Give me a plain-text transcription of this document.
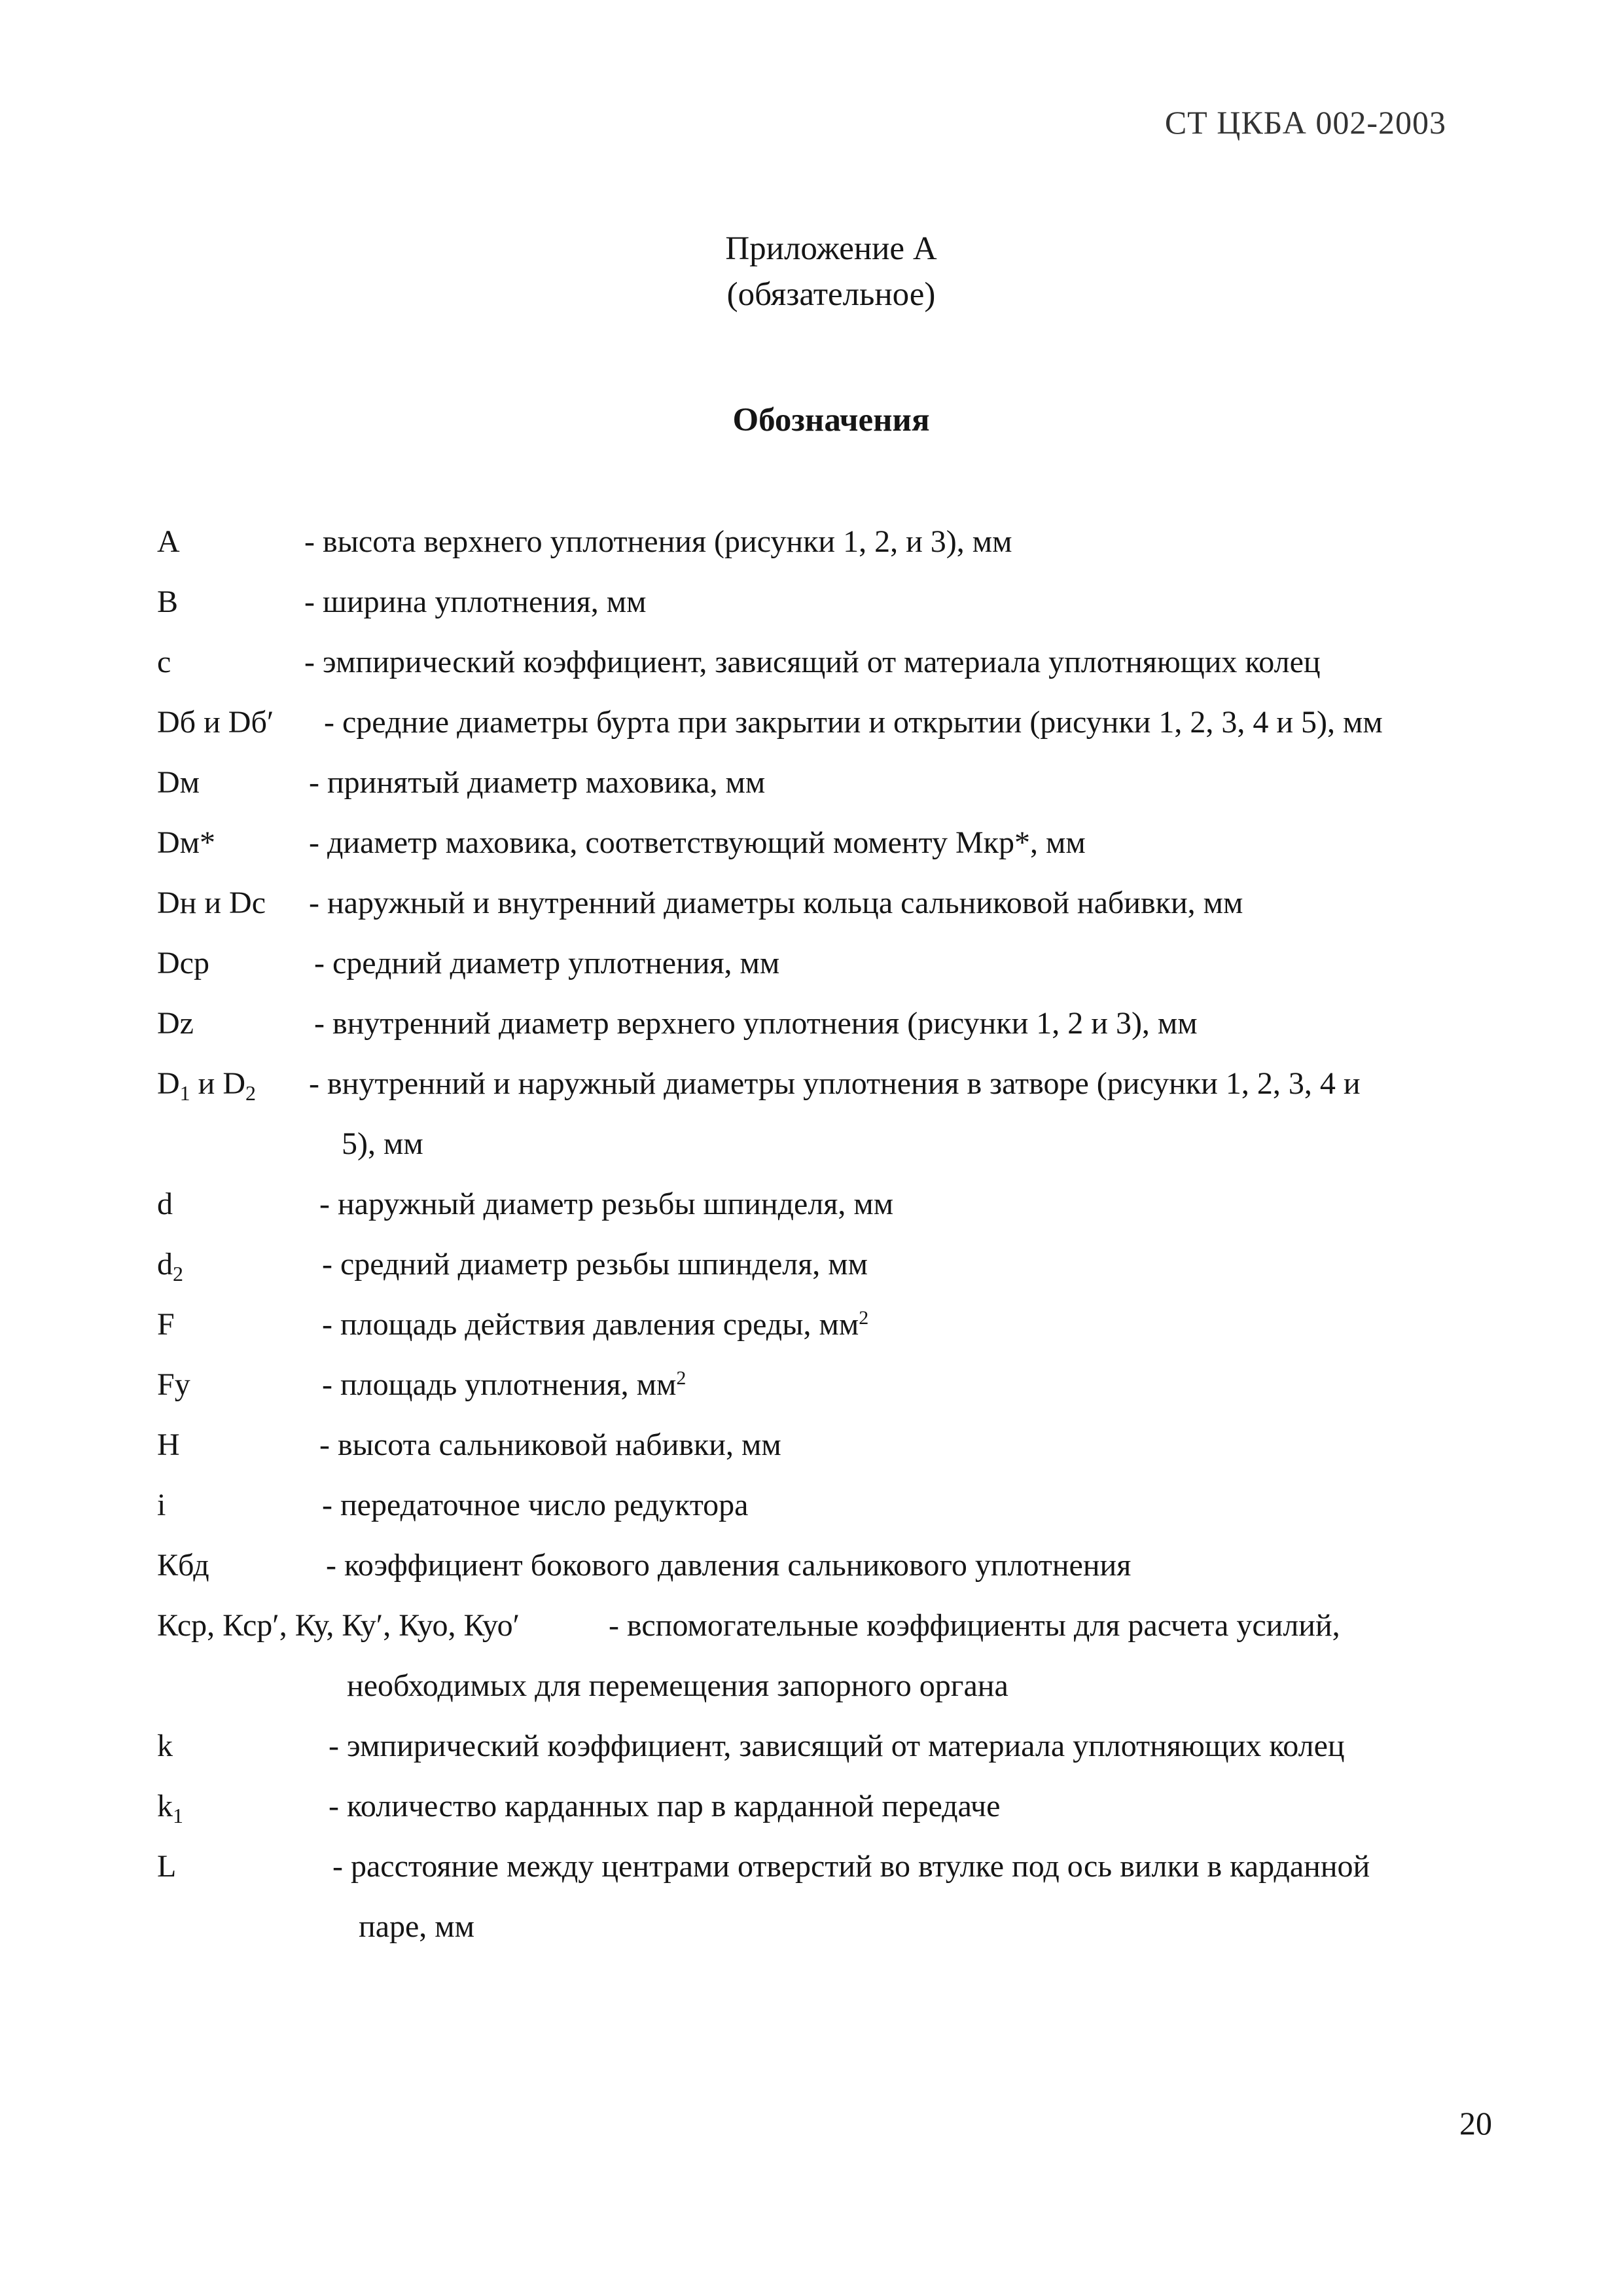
СТ ЦКБА 002-2003
Приложение А
(обязательное)
Обозначения
A	- высота верхнего уплотнения (рисунки 1, 2, и 3), мм
B	- ширина уплотнения, мм
c	- эмпирический коэффициент, зависящий от материала уплотняющих колец
Dб и Dб′ - средние диаметры бурта при закрытии и открытии (рисунки 1, 2, 3, 4 и 5), мм
Dм	- принятый диаметр маховика, мм
Dм*	- диаметр маховика, соответствующий моменту Мкр*, мм
Dн и Dс - наружный и внутренний диаметры кольца сальниковой набивки, мм
Dср	- средний диаметр уплотнения, мм
Dz	- внутренний диаметр верхнего уплотнения (рисунки 1, 2 и 3), мм
$D_1$ и $D_2$ - внутренний и наружный диаметры уплотнения в затворе (рисунки 1, 2, 3, 4 и
5), мм
d	- наружный диаметр резьбы шпинделя, мм
$d_2$	- средний диаметр резьбы шпинделя, мм
F	- площадь действия давления среды, $мм^2$
Fу	- площадь уплотнения, $мм^2$
H	- высота сальниковой набивки, мм
i	- передаточное число редуктора
Кбд	- коэффициент бокового давления сальникового уплотнения
Кср, Кср′, Ку, Ку′, Куо, Куо′	- вспомогательные коэффициенты для расчета усилий,
необходимых для перемещения запорного органа
k	- эмпирический коэффициент, зависящий от материала уплотняющих колец
$k_1$	- количество карданных пар в карданной передаче
L	- расстояние между центрами отверстий во втулке под ось вилки в карданной
паре, мм
20
